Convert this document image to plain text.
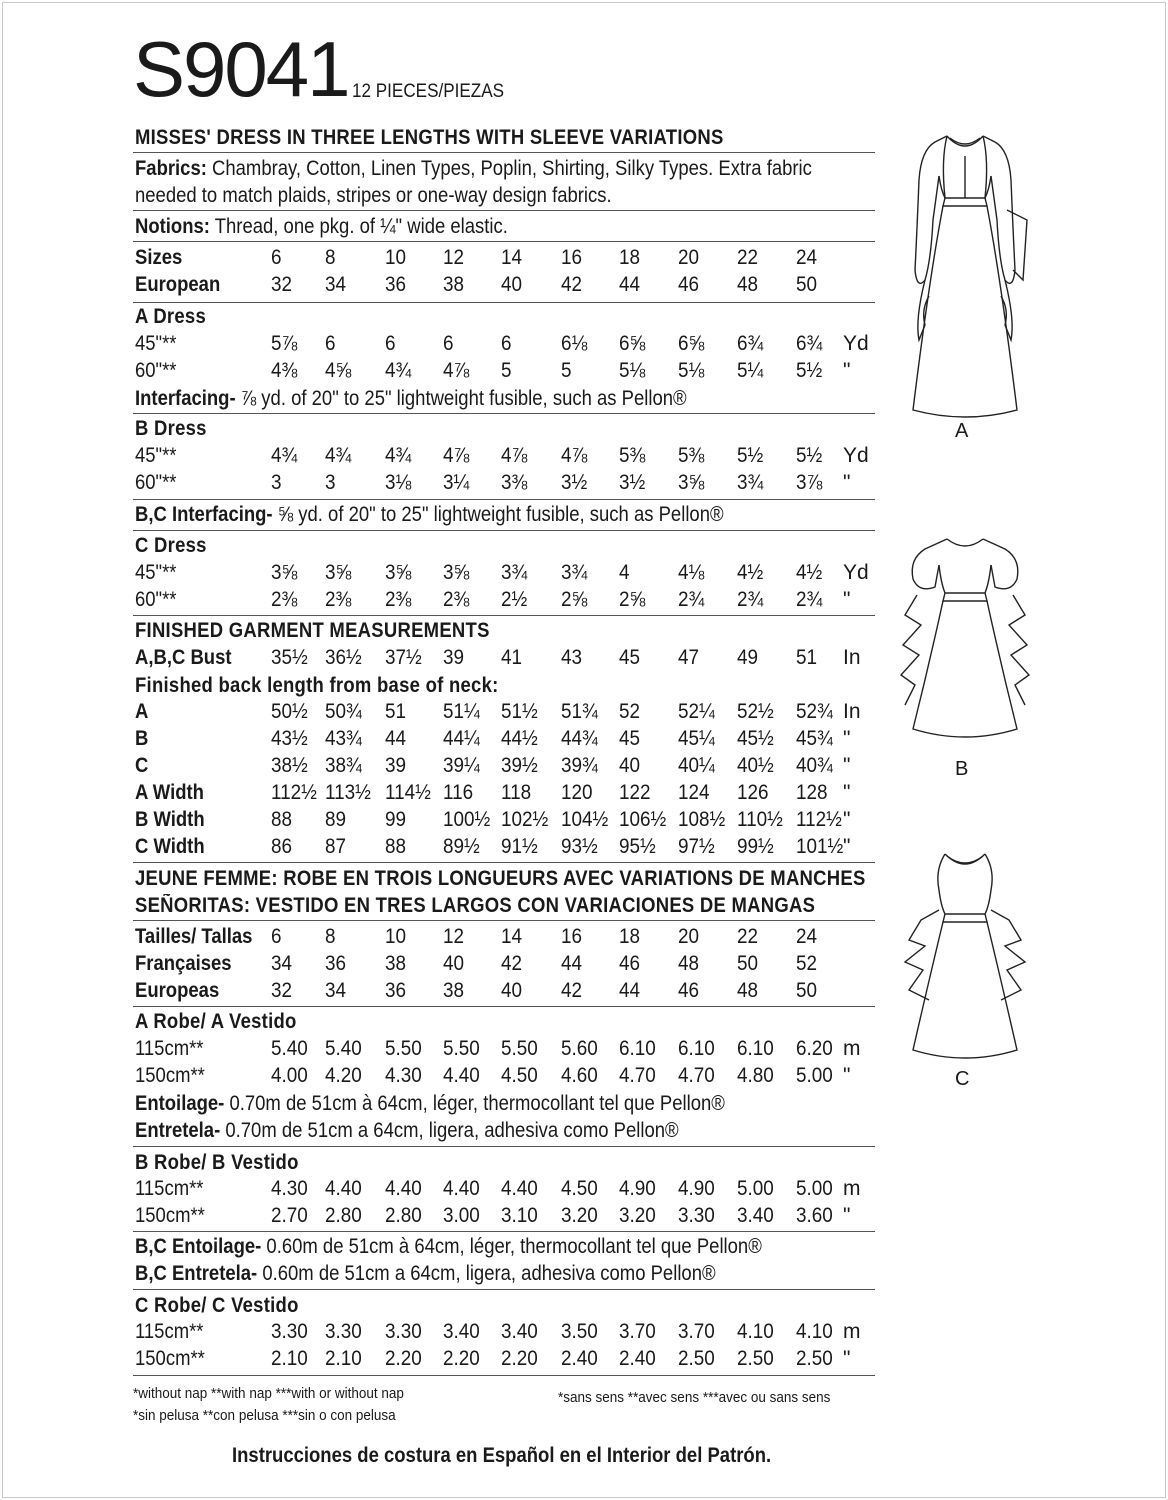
S9041 12 PIECES/PIEZAS
MISSES' DRESS IN THREE LENGTHS WITH SLEEVE VARIATIONS
Fabrics: Chambray, Cotton, Linen Types, Poplin, Shirting, Silky Types. Extra fabric
needed to match plaids, stripes or one-way design fabrics.
Notions: Thread, one pkg. of ¼" wide elastic.
Sizes	6 8 10 12 14 16 18 20 22 24
European 32 34 36 38 40 42 44 46 48 50
A Dress
45"**	5⅞ 6 6 6 6 6⅛ 6⅝ 6⅝ 6¾ 6¾ Yd
60"**	4⅜ 4⅝ 4¾ 4⅞ 5 5 5⅛ 5⅛ 5¼ 5½ "
Interfacing- ⅞ yd. of 20" to 25" lightweight fusible, such as Pellon®
B Dress
45"**	4¾ 4¾ 4¾ 4⅞ 4⅞ 4⅞ 5⅜ 5⅜ 5½ 5½ Yd
60"**	3 3 3⅛ 3¼ 3⅜ 3½ 3½ 3⅝ 3¾ 3⅞ "
B,C Interfacing- ⅝ yd. of 20" to 25" lightweight fusible, such as Pellon®
C Dress
45"**	3⅝ 3⅝ 3⅝ 3⅝ 3¾ 3¾ 4 4⅛ 4½ 4½ Yd
60"**	2⅜ 2⅜ 2⅜ 2⅜ 2½ 2⅝ 2⅝ 2¾ 2¾ 2¾ "
FINISHED GARMENT MEASUREMENTS
A,B,C Bust 35½ 36½ 37½ 39 41 43 45 47 49 51 In
Finished back length from base of neck:
A	50½ 50¾ 51 51¼ 51½ 51¾ 52 52¼ 52½ 52¾ In
B	43½ 43¾ 44 44¼ 44½ 44¾ 45 45¼ 45½ 45¾ "
C	38½ 38¾ 39 39¼ 39½ 39¾ 40 40¼ 40½ 40¾ "
A Width	112½ 113½ 114½ 116 118 120 122 124 126 128 "
B Width	88 89 99 100½ 102½ 104½ 106½ 108½ 110½ 112½ "
C Width	86 87 88 89½ 91½ 93½ 95½ 97½ 99½ 101½ "
JEUNE FEMME: ROBE EN TROIS LONGUEURS AVEC VARIATIONS DE MANCHES
SEÑORITAS: VESTIDO EN TRES LARGOS CON VARIACIONES DE MANGAS
Tailles/ Tallas 6 8 10 12 14 16 18 20 22 24
Françaises 34 36 38 40 42 44 46 48 50 52
Europeas 32 34 36 38 40 42 44 46 48 50
A Robe/ A Vestido
115cm**	5.40 5.40 5.50 5.50 5.50 5.60 6.10 6.10 6.10 6.20 m
150cm**	4.00 4.20 4.30 4.40 4.50 4.60 4.70 4.70 4.80 5.00 "
Entoilage- 0.70m de 51cm à 64cm, léger, thermocollant tel que Pellon®
Entretela- 0.70m de 51cm a 64cm, ligera, adhesiva como Pellon®
B Robe/ B Vestido
115cm**	4.30 4.40 4.40 4.40 4.40 4.50 4.90 4.90 5.00 5.00 m
150cm**	2.70 2.80 2.80 3.00 3.10 3.20 3.20 3.30 3.40 3.60 "
B,C Entoilage- 0.60m de 51cm à 64cm, léger, thermocollant tel que Pellon®
B,C Entretela- 0.60m de 51cm a 64cm, ligera, adhesiva como Pellon®
C Robe/ C Vestido
115cm**	3.30 3.30 3.30 3.40 3.40 3.50 3.70 3.70 4.10 4.10 m
150cm**	2.10 2.10 2.20 2.20 2.20 2.40 2.40 2.50 2.50 2.50 "
*without nap **with nap ***with or without nap
*sin pelusa **con pelusa ***sin o con pelusa
*sans sens **avec sens ***avec ou sans sens
Instrucciones de costura en Español en el Interior del Patrón.
A
B
C
